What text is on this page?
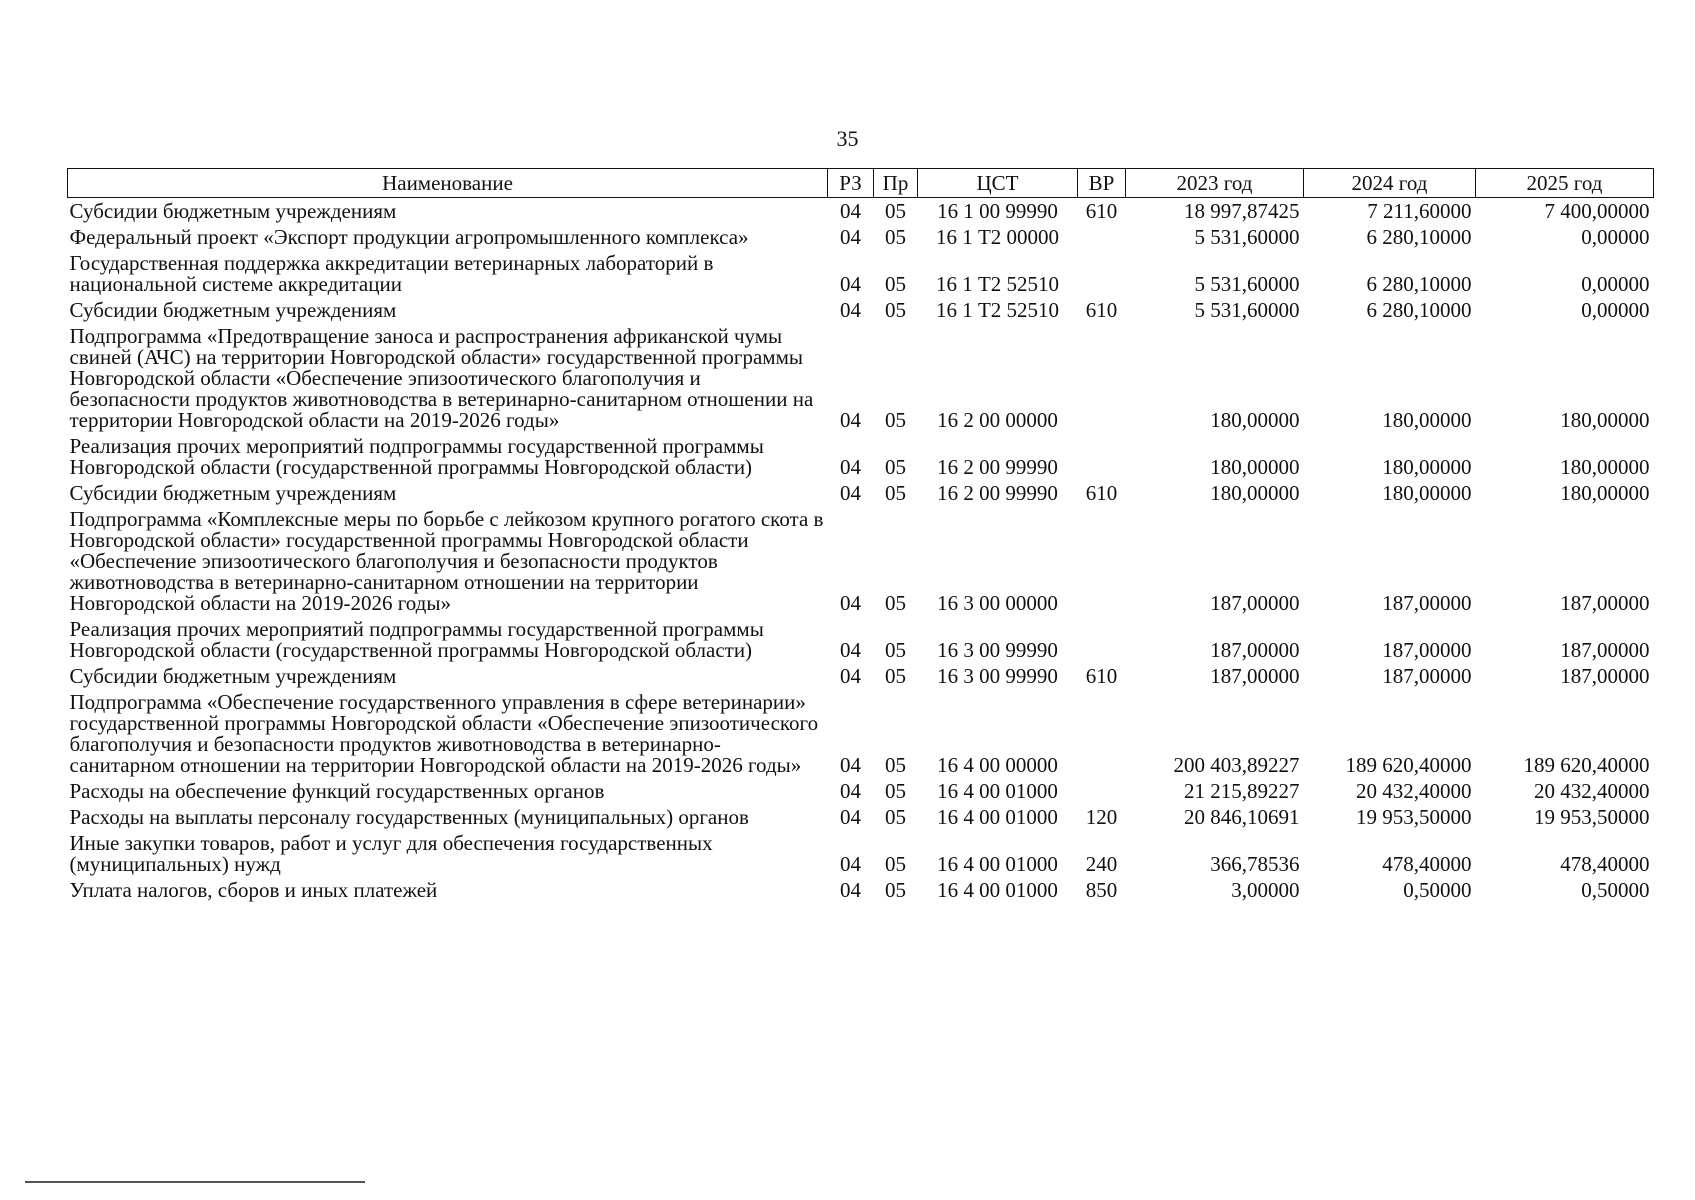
35
Наименование	РЗ	Пр	ЦСТ	ВР	2023 год	2024 год	2025 год
Субсидии бюджетным учреждениям	04	05	16 1 00 99990	610	18 997,87425	7 211,60000	7 400,00000
Федеральный проект «Экспорт продукции агропромышленного комплекса»	04	05	16 1 Т2 00000		5 531,60000	6 280,10000	0,00000
Государственная поддержка аккредитации ветеринарных лабораторий в национальной системе аккредитации	04	05	16 1 Т2 52510		5 531,60000	6 280,10000	0,00000
Субсидии бюджетным учреждениям	04	05	16 1 Т2 52510	610	5 531,60000	6 280,10000	0,00000
Подпрограмма «Предотвращение заноса и распространения африканской чумы свиней (АЧС) на территории Новгородской области» государственной программы Новгородской области «Обеспечение эпизоотического благополучия и безопасности продуктов животноводства в ветеринарно-санитарном отношении на территории Новгородской области на 2019-2026 годы»	04	05	16 2 00 00000		180,00000	180,00000	180,00000
Реализация прочих мероприятий подпрограммы государственной программы Новгородской области (государственной программы Новгородской области)	04	05	16 2 00 99990		180,00000	180,00000	180,00000
Субсидии бюджетным учреждениям	04	05	16 2 00 99990	610	180,00000	180,00000	180,00000
Подпрограмма «Комплексные меры по борьбе с лейкозом крупного рогатого скота в Новгородской области» государственной программы Новгородской области «Обеспечение эпизоотического благополучия и безопасности продуктов животноводства в ветеринарно-санитарном отношении на территории Новгородской области на 2019-2026 годы»	04	05	16 3 00 00000		187,00000	187,00000	187,00000
Реализация прочих мероприятий подпрограммы государственной программы Новгородской области (государственной программы Новгородской области)	04	05	16 3 00 99990		187,00000	187,00000	187,00000
Субсидии бюджетным учреждениям	04	05	16 3 00 99990	610	187,00000	187,00000	187,00000
Подпрограмма «Обеспечение государственного управления в сфере ветеринарии» государственной программы Новгородской области «Обеспечение эпизоотического благополучия и безопасности продуктов животноводства в ветеринарно-санитарном отношении на территории Новгородской области на 2019-2026 годы»	04	05	16 4 00 00000		200 403,89227	189 620,40000	189 620,40000
Расходы на обеспечение функций государственных органов	04	05	16 4 00 01000		21 215,89227	20 432,40000	20 432,40000
Расходы на выплаты персоналу государственных (муниципальных) органов	04	05	16 4 00 01000	120	20 846,10691	19 953,50000	19 953,50000
Иные закупки товаров, работ и услуг для обеспечения государственных (муниципальных) нужд	04	05	16 4 00 01000	240	366,78536	478,40000	478,40000
Уплата налогов, сборов и иных платежей	04	05	16 4 00 01000	850	3,00000	0,50000	0,50000
